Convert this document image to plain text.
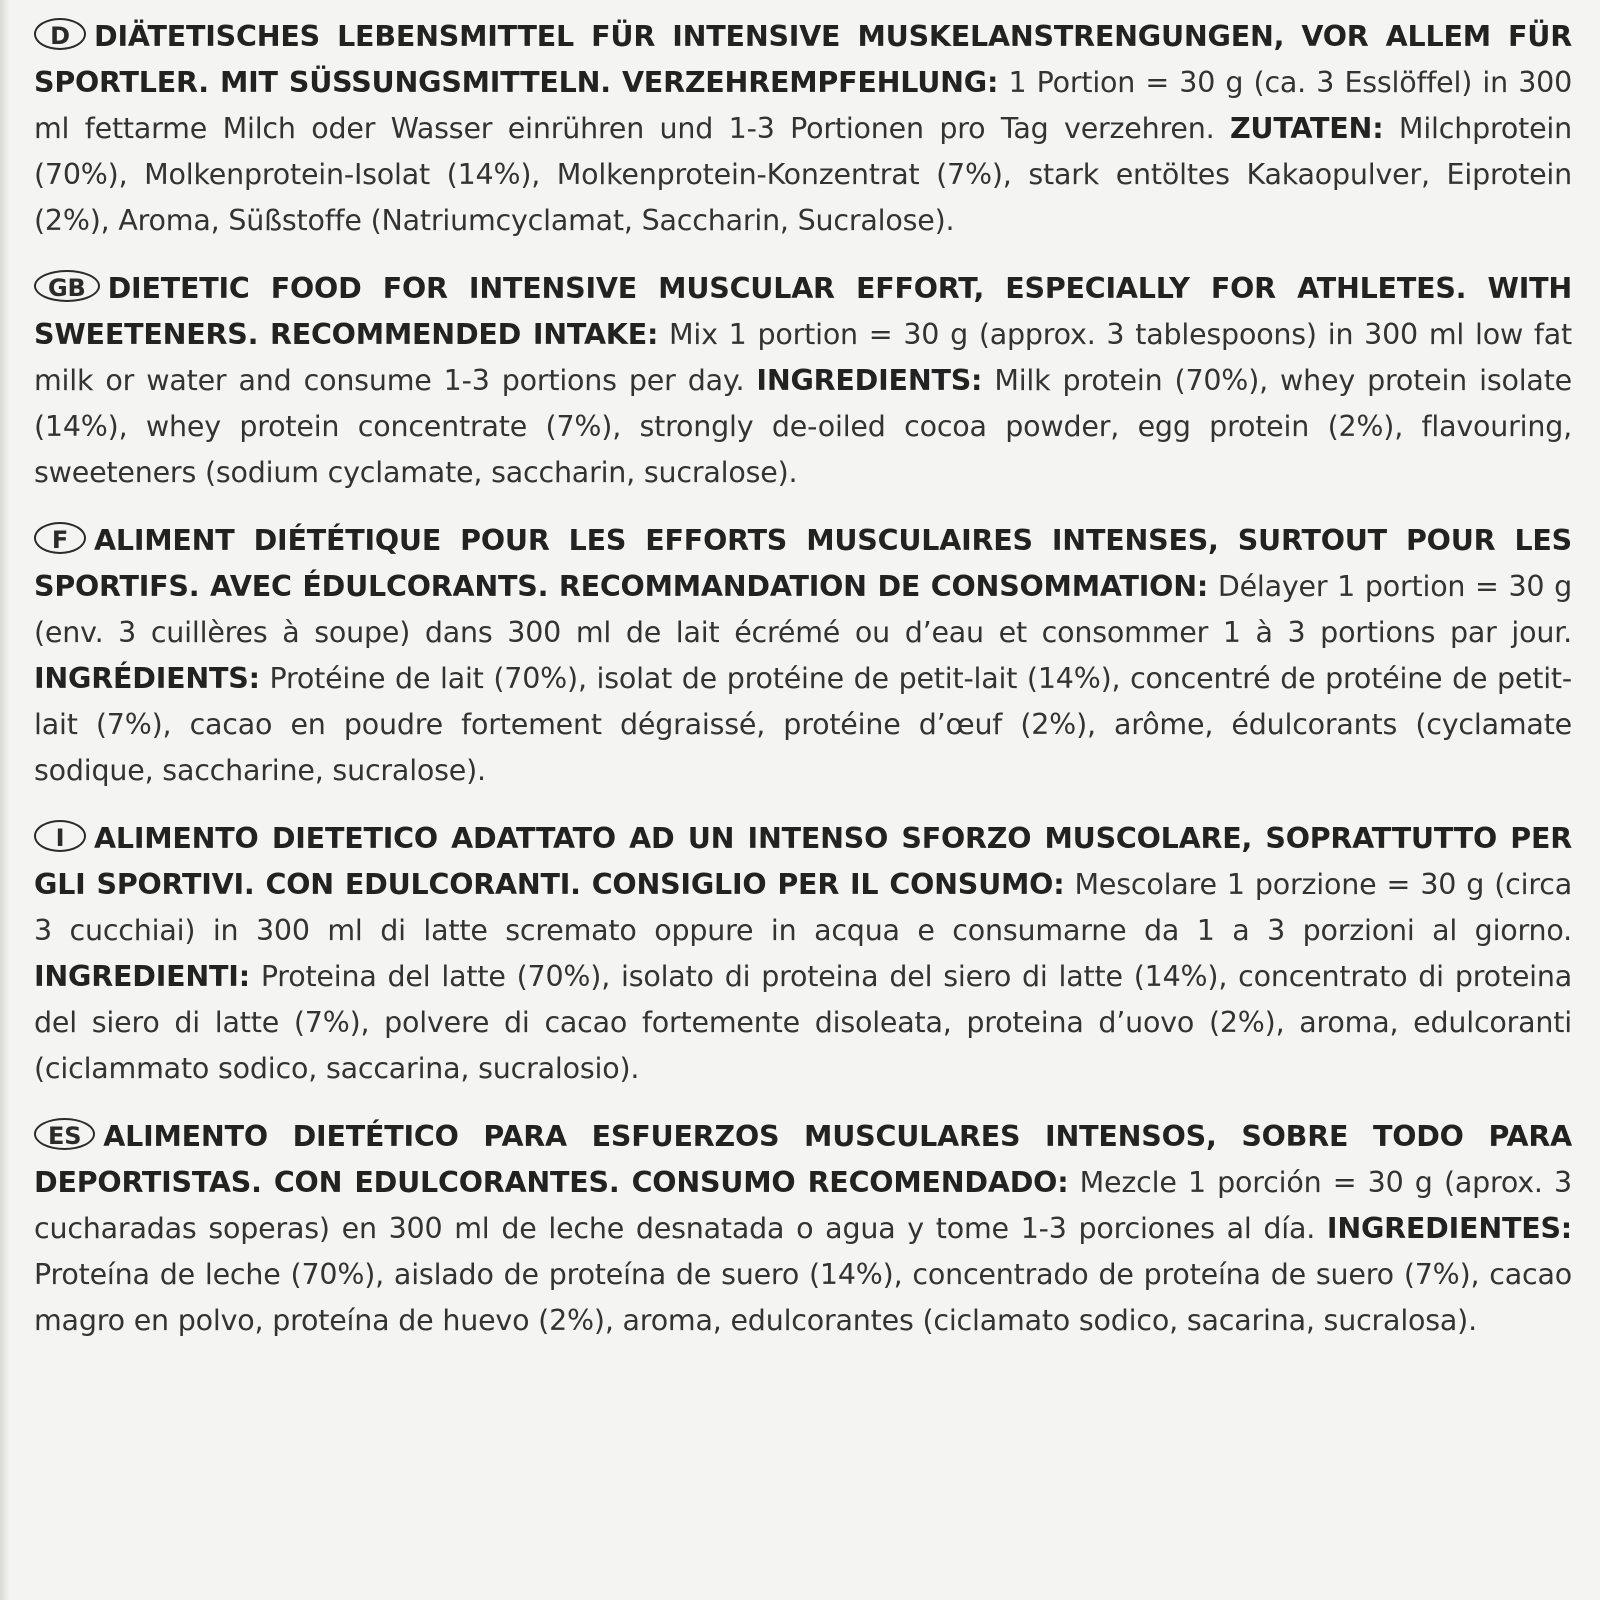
D DIÄTETISCHES LEBENSMITTEL FÜR INTENSIVE MUSKELANSTRENGUNGEN, VOR ALLEM FÜR SPORTLER. MIT SÜSSUNGSMITTELN. VERZEHREMPFEHLUNG: 1 Portion = 30 g (ca. 3 Esslöffel) in 300 ml fettarme Milch oder Wasser einrühren und 1-3 Portionen pro Tag verzehren. ZUTATEN: Milchprotein (70%), Molkenprotein-Isolat (14%), Molkenprotein-Konzentrat (7%), stark entöltes Kakaopulver, Eiprotein (2%), Aroma, Süßstoffe (Natriumcyclamat, Saccharin, Sucralose).
GB DIETETIC FOOD FOR INTENSIVE MUSCULAR EFFORT, ESPECIALLY FOR ATHLETES. WITH SWEETENERS. RECOMMENDED INTAKE: Mix 1 portion = 30 g (approx. 3 tablespoons) in 300 ml low fat milk or water and consume 1-3 portions per day. INGREDIENTS: Milk protein (70%), whey protein isolate (14%), whey protein concentrate (7%), strongly de-oiled cocoa powder, egg protein (2%), flavouring, sweeteners (sodium cyclamate, saccharin, sucralose).
F ALIMENT DIÉTÉTIQUE POUR LES EFFORTS MUSCULAIRES INTENSES, SURTOUT POUR LES SPORTIFS. AVEC ÉDULCORANTS. RECOMMANDATION DE CONSOMMATION: Délayer 1 portion = 30 g (env. 3 cuillères à soupe) dans 300 ml de lait écrémé ou d’eau et consommer 1 à 3 portions par jour. INGRÉDIENTS: Protéine de lait (70%), isolat de protéine de petit-lait (14%), concentré de protéine de petit-lait (7%), cacao en poudre fortement dégraissé, protéine d’œuf (2%), arôme, édulcorants (cyclamate sodique, saccharine, sucralose).
I ALIMENTO DIETETICO ADATTATO AD UN INTENSO SFORZO MUSCOLARE, SOPRATTUTTO PER GLI SPORTIVI. CON EDULCORANTI. CONSIGLIO PER IL CONSUMO: Mescolare 1 porzione = 30 g (circa 3 cucchiai) in 300 ml di latte scremato oppure in acqua e consumarne da 1 a 3 porzioni al giorno. INGREDIENTI: Proteina del latte (70%), isolato di proteina del siero di latte (14%), concentrato di proteina del siero di latte (7%), polvere di cacao fortemente disoleata, proteina d’uovo (2%), aroma, edulcoranti (ciclammato sodico, saccarina, sucralosio).
ES ALIMENTO DIETÉTICO PARA ESFUERZOS MUSCULARES INTENSOS, SOBRE TODO PARA DEPORTISTAS. CON EDULCORANTES. CONSUMO RECOMENDADO: Mezcle 1 porción = 30 g (aprox. 3 cucharadas soperas) en 300 ml de leche desnatada o agua y tome 1-3 porciones al día. INGREDIENTES: Proteína de leche (70%), aislado de proteína de suero (14%), concentrado de proteína de suero (7%), cacao magro en polvo, proteína de huevo (2%), aroma, edulcorantes (ciclamato sodico, sacarina, sucralosa).
